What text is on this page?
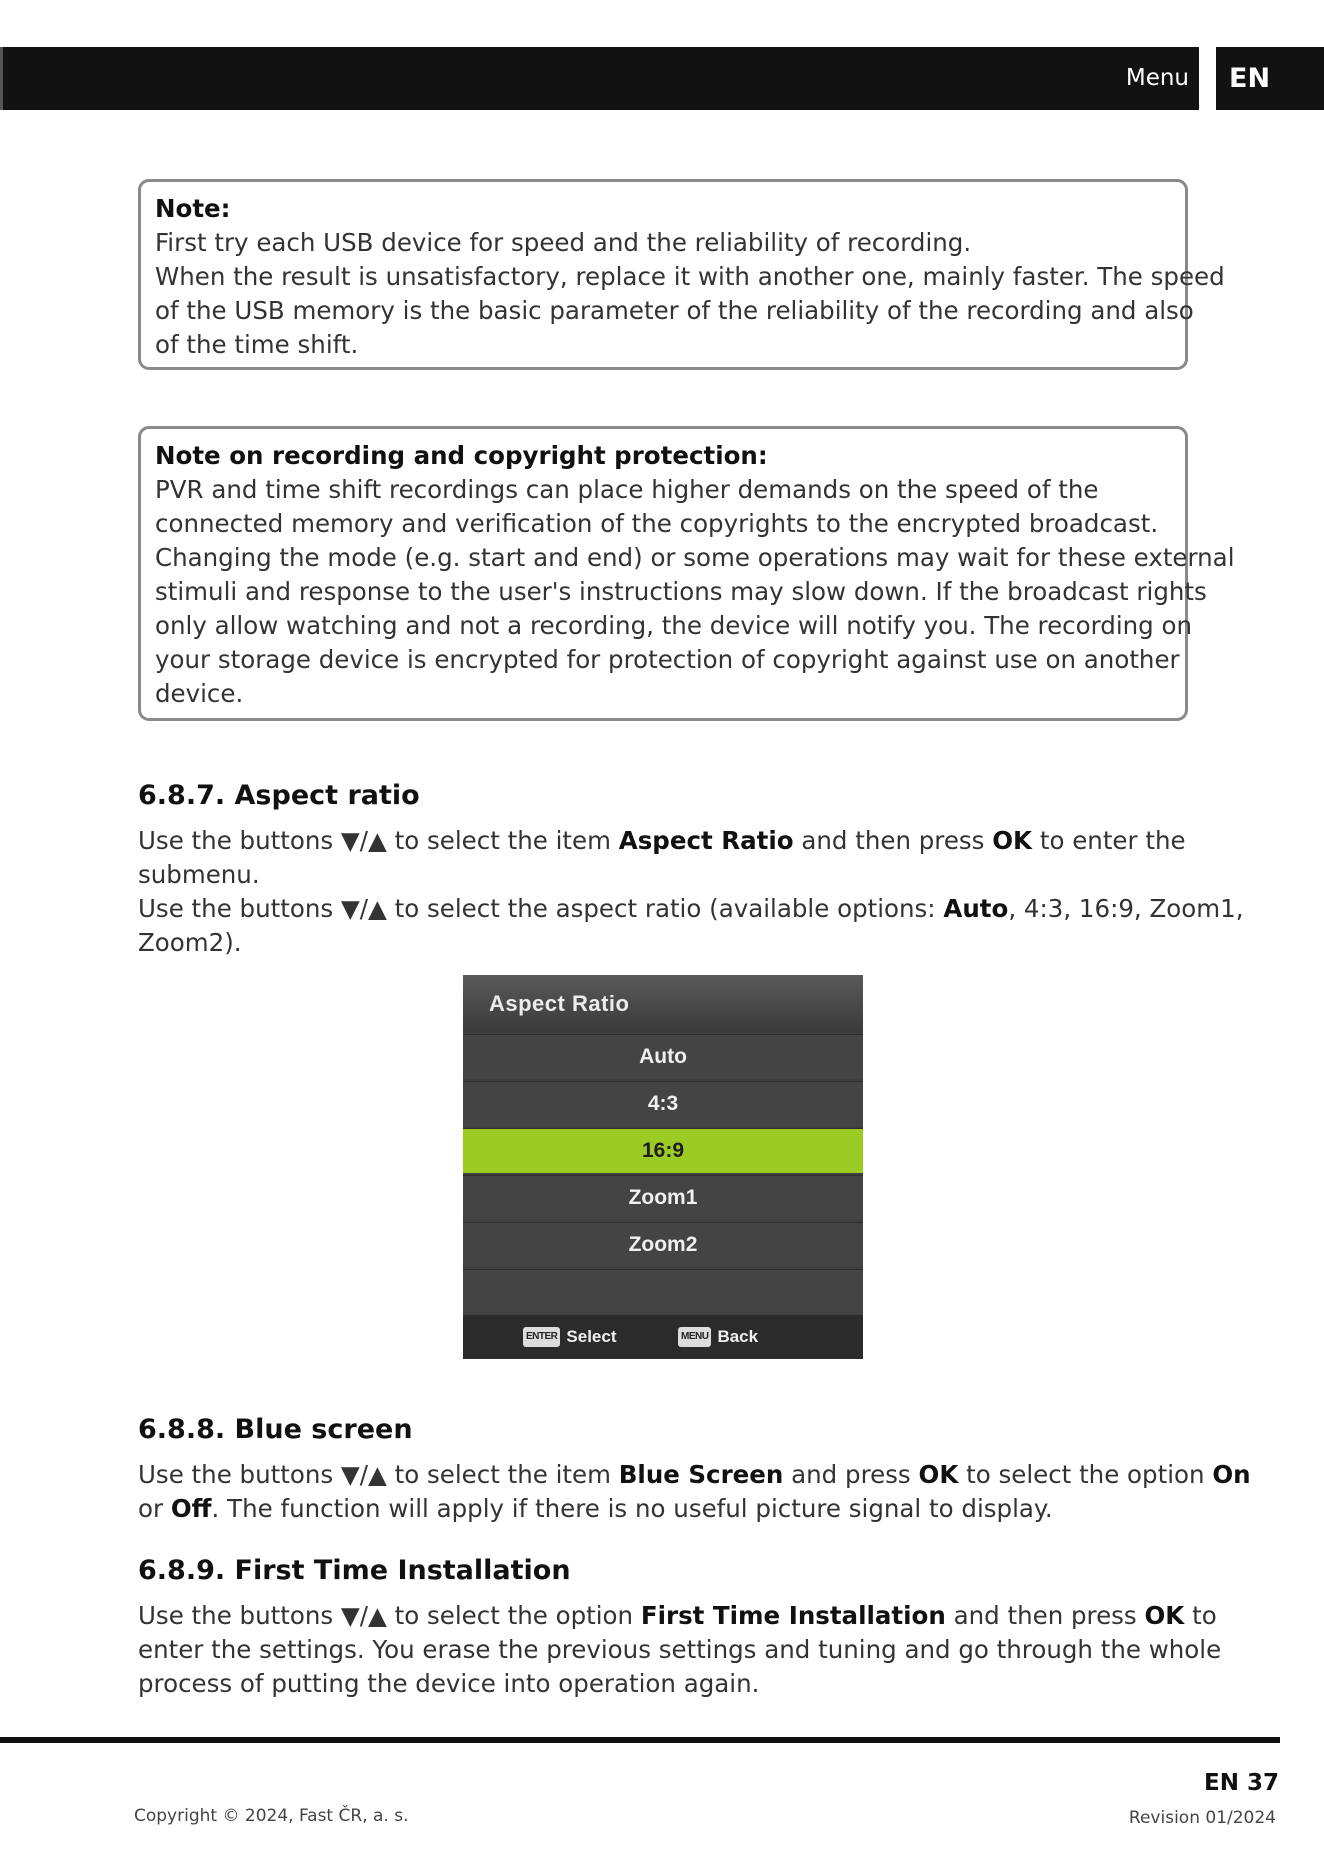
Menu	EN
Note:
First try each USB device for speed and the reliability of recording.
When the result is unsatisfactory, replace it with another one, mainly faster. The speed
of the USB memory is the basic parameter of the reliability of the recording and also
of the time shift.
Note on recording and copyright protection:
PVR and time shift recordings can place higher demands on the speed of the
connected memory and verification of the copyrights to the encrypted broadcast.
Changing the mode (e.g. start and end) or some operations may wait for these external
stimuli and response to the user's instructions may slow down. If the broadcast rights
only allow watching and not a recording, the device will notify you. The recording on
your storage device is encrypted for protection of copyright against use on another
device.
6.8.7. Aspect ratio
Use the buttons ▼/▲ to select the item Aspect Ratio and then press OK to enter the
submenu.
Use the buttons ▼/▲ to select the aspect ratio (available options: Auto, 4:3, 16:9, Zoom1,
Zoom2).
Aspect Ratio
Auto
4:3
16:9
Zoom1
Zoom2
ENTER Select	MENU Back
6.8.8. Blue screen
Use the buttons ▼/▲ to select the item Blue Screen and press OK to select the option On
or Off. The function will apply if there is no useful picture signal to display.
6.8.9. First Time Installation
Use the buttons ▼/▲ to select the option First Time Installation and then press OK to
enter the settings. You erase the previous settings and tuning and go through the whole
process of putting the device into operation again.
EN 37
Copyright © 2024, Fast ČR, a. s.	Revision 01/2024
